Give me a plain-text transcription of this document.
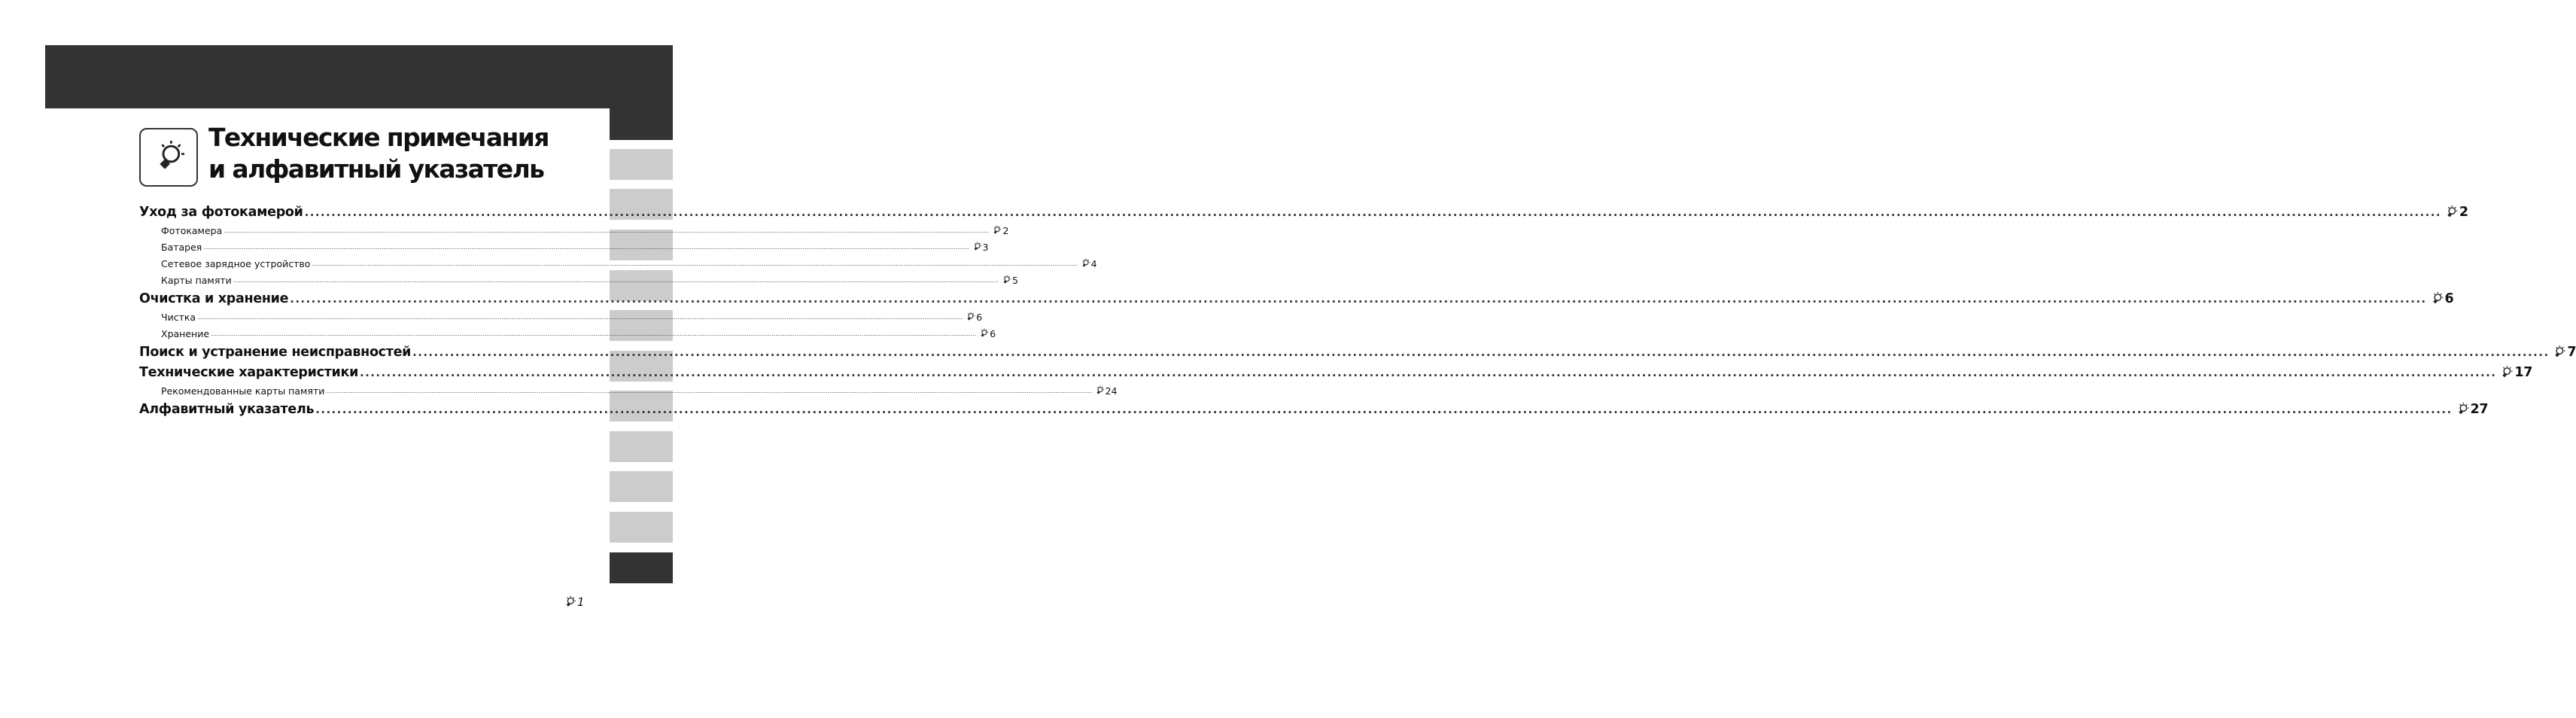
Технические примечания
и алфавитный указатель
Уход за фотокамерой ................................................................................................................................................................................................................................................................................................................................................................................................................ 2
Фотокамера ................................................................................................................................................................................................................................................................................................................................................................................................................ 2
Батарея ................................................................................................................................................................................................................................................................................................................................................................................................................ 3
Сетевое зарядное устройство ................................................................................................................................................................................................................................................................................................................................................................................................................ 4
Карты памяти ................................................................................................................................................................................................................................................................................................................................................................................................................ 5
Очистка и хранение ................................................................................................................................................................................................................................................................................................................................................................................................................ 6
Чистка ................................................................................................................................................................................................................................................................................................................................................................................................................ 6
Хранение ................................................................................................................................................................................................................................................................................................................................................................................................................ 6
Поиск и устранение неисправностей ................................................................................................................................................................................................................................................................................................................................................................................................................ 7
Технические характеристики ................................................................................................................................................................................................................................................................................................................................................................................................................ 17
Рекомендованные карты памяти ................................................................................................................................................................................................................................................................................................................................................................................................................ 24
Алфавитный указатель ................................................................................................................................................................................................................................................................................................................................................................................................................ 27
1
